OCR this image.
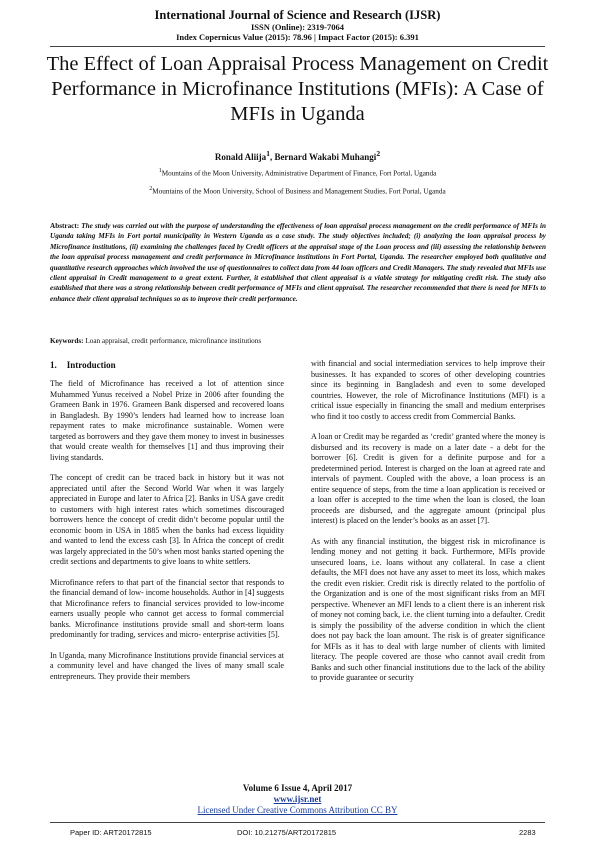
International Journal of Science and Research (IJSR)
ISSN (Online): 2319-7064
Index Copernicus Value (2015): 78.96 | Impact Factor (2015): 6.391
The Effect of Loan Appraisal Process Management on Credit Performance in Microfinance Institutions (MFIs): A Case of MFIs in Uganda
Ronald Aliija$^1$, Bernard Wakabi Muhangi$^2$
$^1$Mountains of the Moon University, Administrative Department of Finance, Fort Portal, Uganda
$^2$Mountains of the Moon University, School of Business and Management Studies, Fort Portal, Uganda
Abstract: The study was carried out with the purpose of understanding the effectiveness of loan appraisal process management on the credit performance of MFIs in Uganda taking MFIs in Fort portal municipality in Western Uganda as a case study. The study objectives included; (i) analyzing the loan appraisal process by Microfinance institutions, (ii) examining the challenges faced by Credit officers at the appraisal stage of the Loan process and (iii) assessing the relationship between the loan appraisal process management and credit performance in Microfinance institutions in Fort Portal, Uganda. The researcher employed both qualitative and quantitative research approaches which involved the use of questionnaires to collect data from 44 loan officers and Credit Managers. The study revealed that MFIs use client appraisal in Credit management to a great extent. Further, it established that client appraisal is a viable strategy for mitigating credit risk. The study also established that there was a strong relationship between credit performance of MFIs and client appraisal. The researcher recommended that there is need for MFIs to enhance their client appraisal techniques so as to improve their credit performance.
Keywords: Loan appraisal, credit performance, microfinance institutions
1. Introduction

The field of Microfinance has received a lot of attention since Muhammed Yunus received a Nobel Prize in 2006 after founding the Grameen Bank in 1976. Grameen Bank dispersed and recovered loans in Bangladesh. By 1990’s lenders had learned how to increase loan repayment rates to make microfinance sustainable. Women were targeted as borrowers and they gave them money to invest in businesses that would create wealth for themselves [1] and thus improving their living standards.

The concept of credit can be traced back in history but it was not appreciated until after the Second World War when it was largely appreciated in Europe and later to Africa [2]. Banks in USA gave credit to customers with high interest rates which sometimes discouraged borrowers hence the concept of credit didn’t become popular until the economic boom in USA in 1885 when the banks had excess liquidity and wanted to lend the excess cash [3]. In Africa the concept of credit was largely appreciated in the 50’s when most banks started opening the credit sections and departments to give loans to white settlers.

Microfinance refers to that part of the financial sector that responds to the financial demand of low- income households. Author in [4] suggests that Microfinance refers to financial services provided to low-income earners usually people who cannot get access to formal commercial banks. Microfinance institutions provide small and short-term loans predominantly for trading, services and micro- enterprise activities [5].

In Uganda, many Microfinance Institutions provide financial services at a community level and have changed the lives of many small scale entrepreneurs. They provide their members

with financial and social intermediation services to help improve their businesses. It has expanded to scores of other developing countries since its beginning in Bangladesh and even to some developed countries. However, the role of Microfinance Institutions (MFI) is a critical issue especially in financing the small and medium enterprises who find it too costly to access credit from Commercial Banks.

A loan or Credit may be regarded as ‘credit’ granted where the money is disbursed and its recovery is made on a later date - a debt for the borrower [6]. Credit is given for a definite purpose and for a predetermined period. Interest is charged on the loan at agreed rate and intervals of payment. Coupled with the above, a loan process is an entire sequence of steps, from the time a loan application is received or a loan offer is accepted to the time when the loan is closed, the loan proceeds are disbursed, and the aggregate amount (principal plus interest) is placed on the lender’s books as an asset [7].

As with any financial institution, the biggest risk in microfinance is lending money and not getting it back. Furthermore, MFIs provide unsecured loans, i.e. loans without any collateral. In case a client defaults, the MFI does not have any asset to meet its loss, which makes the credit even riskier. Credit risk is directly related to the portfolio of the Organization and is one of the most significant risks from an MFI perspective. Whenever an MFI lends to a client there is an inherent risk of money not coming back, i.e. the client turning into a defaulter. Credit is simply the possibility of the adverse condition in which the client does not pay back the loan amount. The risk is of greater significance for MFIs as it has to deal with large number of clients with limited literacy. The people covered are those who cannot avail credit from Banks and such other financial institutions due to the lack of the ability to provide guarantee or security

Volume 6 Issue 4, April 2017
www.ijsr.net
Licensed Under Creative Commons Attribution CC BY
Paper ID: ART20172815	DOI: 10.21275/ART20172815	2283
